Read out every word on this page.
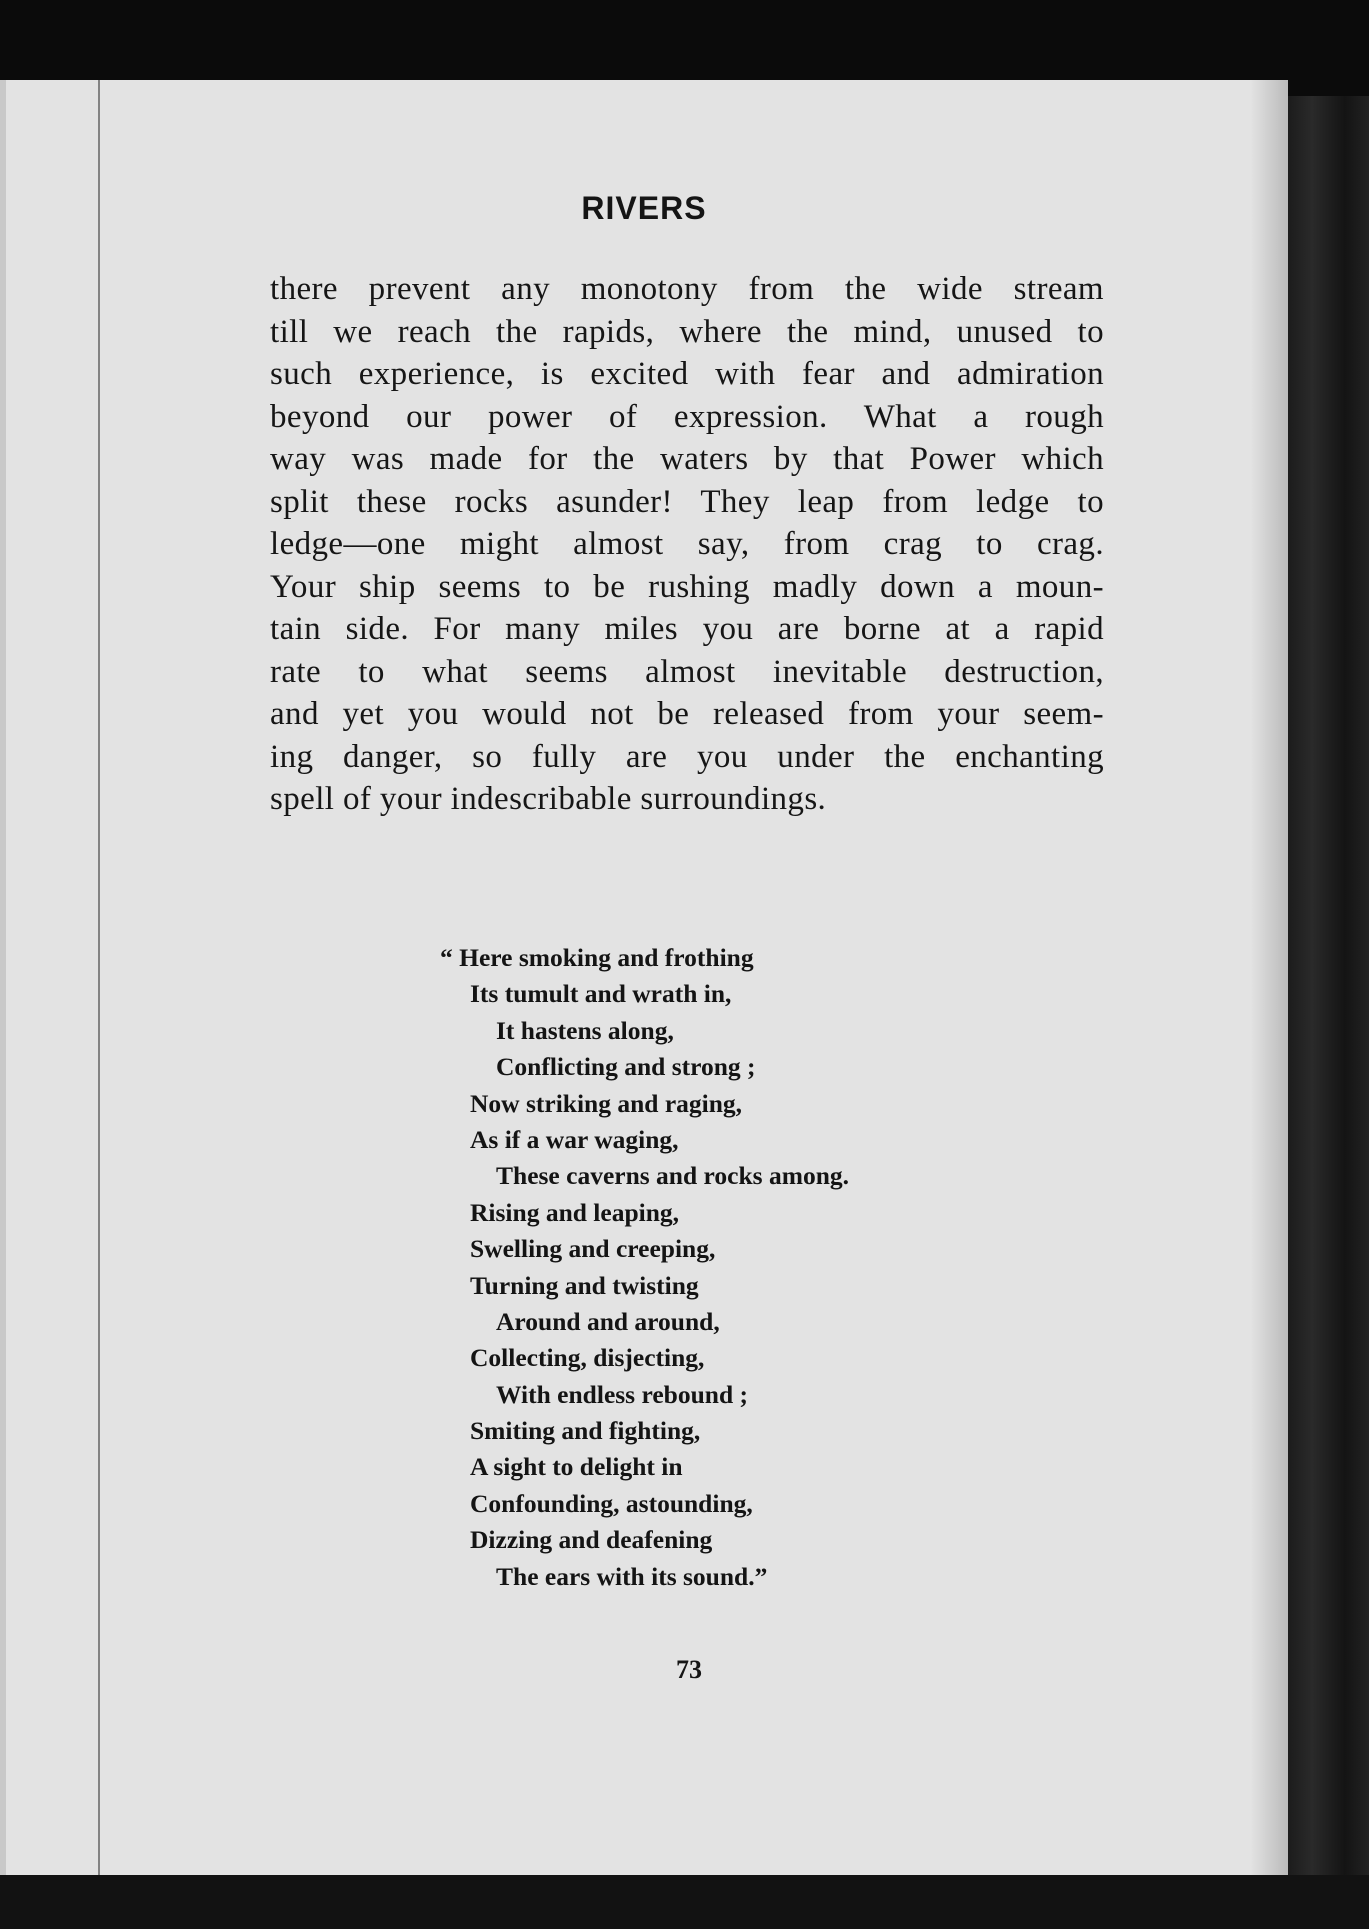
RIVERS
there prevent any monotony from the wide stream
till we reach the rapids, where the mind, unused to
such experience, is excited with fear and admiration
beyond our power of expression. What a rough
way was made for the waters by that Power which
split these rocks asunder! They leap from ledge to
ledge—one might almost say, from crag to crag.
Your ship seems to be rushing madly down a moun-
tain side. For many miles you are borne at a rapid
rate to what seems almost inevitable destruction,
and yet you would not be released from your seem-
ing danger, so fully are you under the enchanting
spell of your indescribable surroundings.
“ Here smoking and frothing
Its tumult and wrath in,
It hastens along,
Conflicting and strong ;
Now striking and raging,
As if a war waging,
These caverns and rocks among.
Rising and leaping,
Swelling and creeping,
Turning and twisting
Around and around,
Collecting, disjecting,
With endless rebound ;
Smiting and fighting,
A sight to delight in
Confounding, astounding,
Dizzing and deafening
The ears with its sound.”
73
